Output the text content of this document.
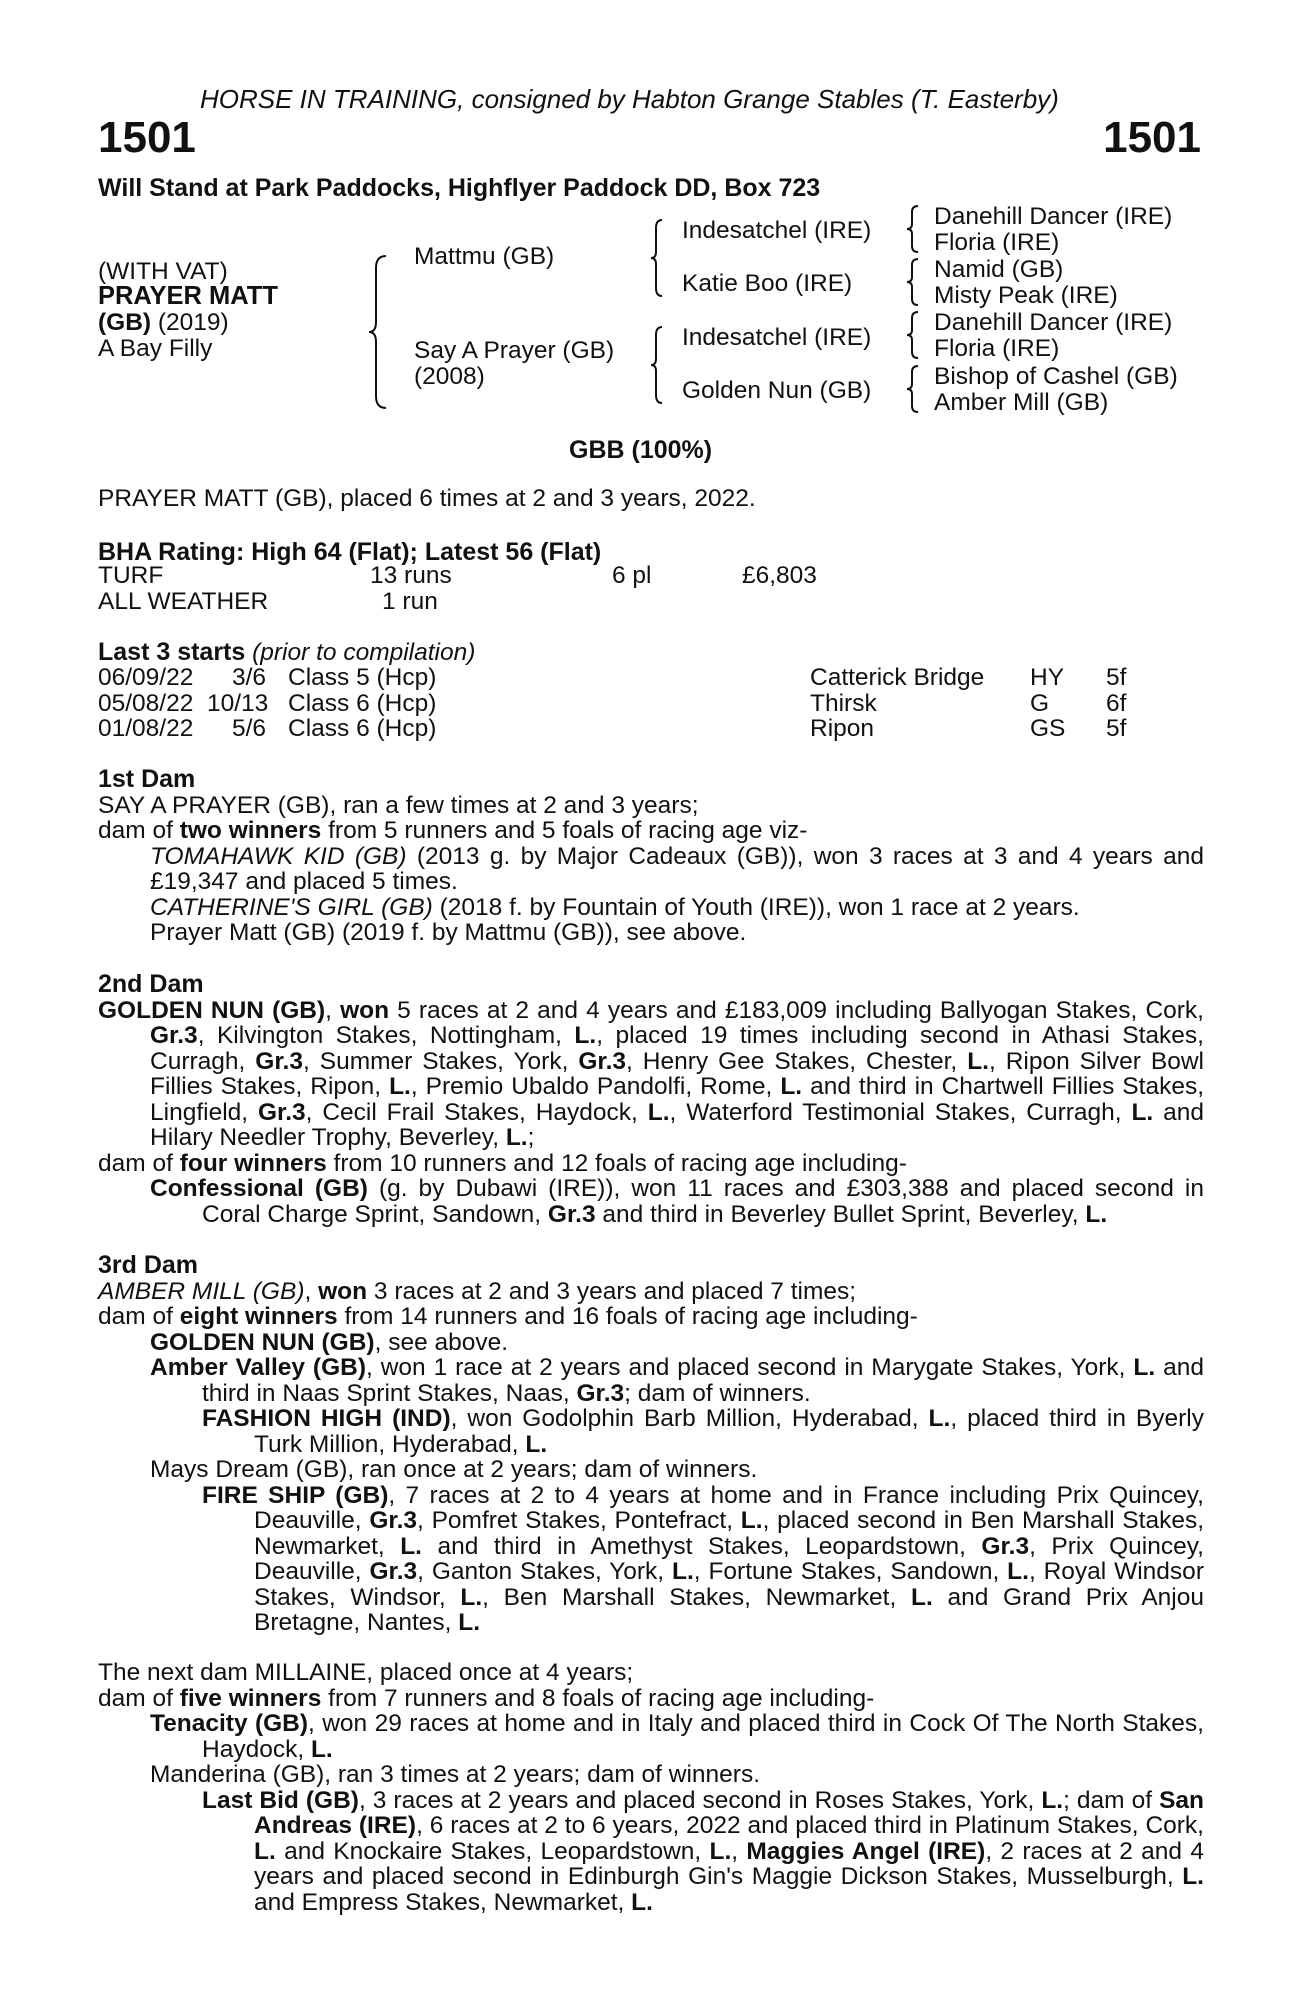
HORSE IN TRAINING, consigned by Habton Grange Stables (T. Easterby)
1501	1501
Will Stand at Park Paddocks, Highflyer Paddock DD, Box 723
(WITH VAT)
PRAYER MATT
(GB) (2019)
A Bay Filly
Mattmu (GB)
Say A Prayer (GB)
(2008)
Indesatchel (IRE)
Katie Boo (IRE)
Indesatchel (IRE)
Golden Nun (GB)
Danehill Dancer (IRE)
Floria (IRE)
Namid (GB)
Misty Peak (IRE)
Danehill Dancer (IRE)
Floria (IRE)
Bishop of Cashel (GB)
Amber Mill (GB)
GBB (100%)
PRAYER MATT (GB), placed 6 times at 2 and 3 years, 2022.
BHA Rating: High 64 (Flat); Latest 56 (Flat)
TURF	13 runs	6 pl	£6,803
ALL WEATHER	1 run
Last 3 starts (prior to compilation)
06/09/22 3/6 Class 5 (Hcp)	Catterick Bridge HY 5f
05/08/22 10/13 Class 6 (Hcp)	Thirsk	G 6f
01/08/22 5/6 Class 6 (Hcp)	Ripon	GS 5f

1st Dam

SAY A PRAYER (GB), ran a few times at 2 and 3 years;

dam of two winners from 5 runners and 5 foals of racing age viz-

TOMAHAWK KID (GB) (2013 g. by Major Cadeaux (GB)), won 3 races at 3 and 4 years and £19,347 and placed 5 times.

CATHERINE'S GIRL (GB) (2018 f. by Fountain of Youth (IRE)), won 1 race at 2 years.

Prayer Matt (GB) (2019 f. by Mattmu (GB)), see above.

2nd Dam

GOLDEN NUN (GB), won 5 races at 2 and 4 years and £183,009 including Ballyogan Stakes, Cork, Gr.3, Kilvington Stakes, Nottingham, L., placed 19 times including second in Athasi Stakes, Curragh, Gr.3, Summer Stakes, York, Gr.3, Henry Gee Stakes, Chester, L., Ripon Silver Bowl Fillies Stakes, Ripon, L., Premio Ubaldo Pandolfi, Rome, L. and third in Chartwell Fillies Stakes, Lingfield, Gr.3, Cecil Frail Stakes, Haydock, L., Waterford Testimonial Stakes, Curragh, L. and Hilary Needler Trophy, Beverley, L.;

dam of four winners from 10 runners and 12 foals of racing age including-

Confessional (GB) (g. by Dubawi (IRE)), won 11 races and £303,388 and placed second in Coral Charge Sprint, Sandown, Gr.3 and third in Beverley Bullet Sprint, Beverley, L.

3rd Dam

AMBER MILL (GB), won 3 races at 2 and 3 years and placed 7 times;

dam of eight winners from 14 runners and 16 foals of racing age including-

GOLDEN NUN (GB), see above.

Amber Valley (GB), won 1 race at 2 years and placed second in Marygate Stakes, York, L. and third in Naas Sprint Stakes, Naas, Gr.3; dam of winners.

FASHION HIGH (IND), won Godolphin Barb Million, Hyderabad, L., placed third in Byerly Turk Million, Hyderabad, L.

Mays Dream (GB), ran once at 2 years; dam of winners.

FIRE SHIP (GB), 7 races at 2 to 4 years at home and in France including Prix Quincey, Deauville, Gr.3, Pomfret Stakes, Pontefract, L., placed second in Ben Marshall Stakes, Newmarket, L. and third in Amethyst Stakes, Leopardstown, Gr.3, Prix Quincey, Deauville, Gr.3, Ganton Stakes, York, L., Fortune Stakes, Sandown, L., Royal Windsor Stakes, Windsor, L., Ben Marshall Stakes, Newmarket, L. and Grand Prix Anjou Bretagne, Nantes, L.

The next dam MILLAINE, placed once at 4 years;

dam of five winners from 7 runners and 8 foals of racing age including-

Tenacity (GB), won 29 races at home and in Italy and placed third in Cock Of The North Stakes, Haydock, L.

Manderina (GB), ran 3 times at 2 years; dam of winners.

Last Bid (GB), 3 races at 2 years and placed second in Roses Stakes, York, L.; dam of San Andreas (IRE), 6 races at 2 to 6 years, 2022 and placed third in Platinum Stakes, Cork, L. and Knockaire Stakes, Leopardstown, L., Maggies Angel (IRE), 2 races at 2 and 4 years and placed second in Edinburgh Gin's Maggie Dickson Stakes, Musselburgh, L. and Empress Stakes, Newmarket, L.
